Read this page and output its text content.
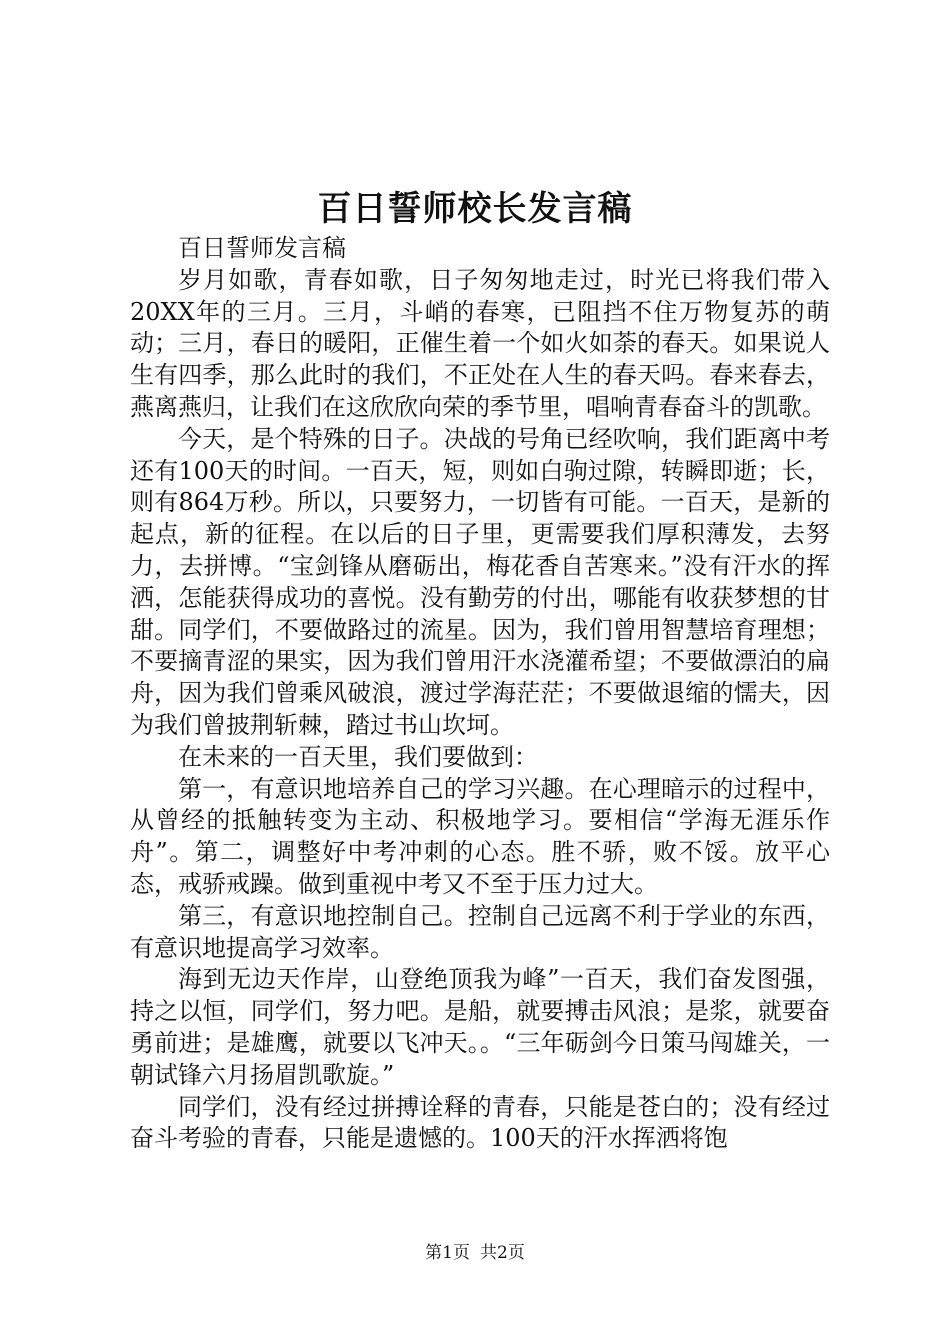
百日誓师校长发言稿

百日誓师发言稿

岁月如歌，青春如歌，日子匆匆地走过，时光已将我们带入20XX年的三月。三月，斗峭的春寒，已阻挡不住万物复苏的萌动；三月，春日的暖阳，正催生着一个如火如荼的春天。如果说人生有四季，那么此时的我们，不正处在人生的春天吗。春来春去，燕离燕归，让我们在这欣欣向荣的季节里，唱响青春奋斗的凯歌。

今天，是个特殊的日子。决战的号角已经吹响，我们距离中考还有100天的时间。一百天，短，则如白驹过隙，转瞬即逝；长，则有864万秒。所以，只要努力，一切皆有可能。一百天，是新的起点，新的征程。在以后的日子里，更需要我们厚积薄发，去努力，去拼博。“宝剑锋从磨砺出，梅花香自苦寒来。”没有汗水的挥洒，怎能获得成功的喜悦。没有勤劳的付出，哪能有收获梦想的甘甜。同学们，不要做路过的流星。因为，我们曾用智慧培育理想；不要摘青涩的果实，因为我们曾用汗水浇灌希望；不要做漂泊的扁舟，因为我们曾乘风破浪，渡过学海茫茫；不要做退缩的懦夫，因为我们曾披荆斩棘，踏过书山坎坷。

在未来的一百天里，我们要做到：

第一，有意识地培养自己的学习兴趣。在心理暗示的过程中，从曾经的抵触转变为主动、积极地学习。要相信“学海无涯乐作舟”。第二，调整好中考冲刺的心态。胜不骄，败不馁。放平心态，戒骄戒躁。做到重视中考又不至于压力过大。

第三，有意识地控制自己。控制自己远离不利于学业的东西，有意识地提高学习效率。

海到无边天作岸，山登绝顶我为峰”一百天，我们奋发图强，持之以恒，同学们，努力吧。是船，就要搏击风浪；是浆，就要奋勇前进；是雄鹰，就要以飞冲天。。“三年砺剑今日策马闯雄关，一朝试锋六月扬眉凯歌旋。”

同学们，没有经过拼搏诠释的青春，只能是苍白的；没有经过奋斗考验的青春，只能是遗憾的。100天的汗水挥洒将饱

第1页 共2页
